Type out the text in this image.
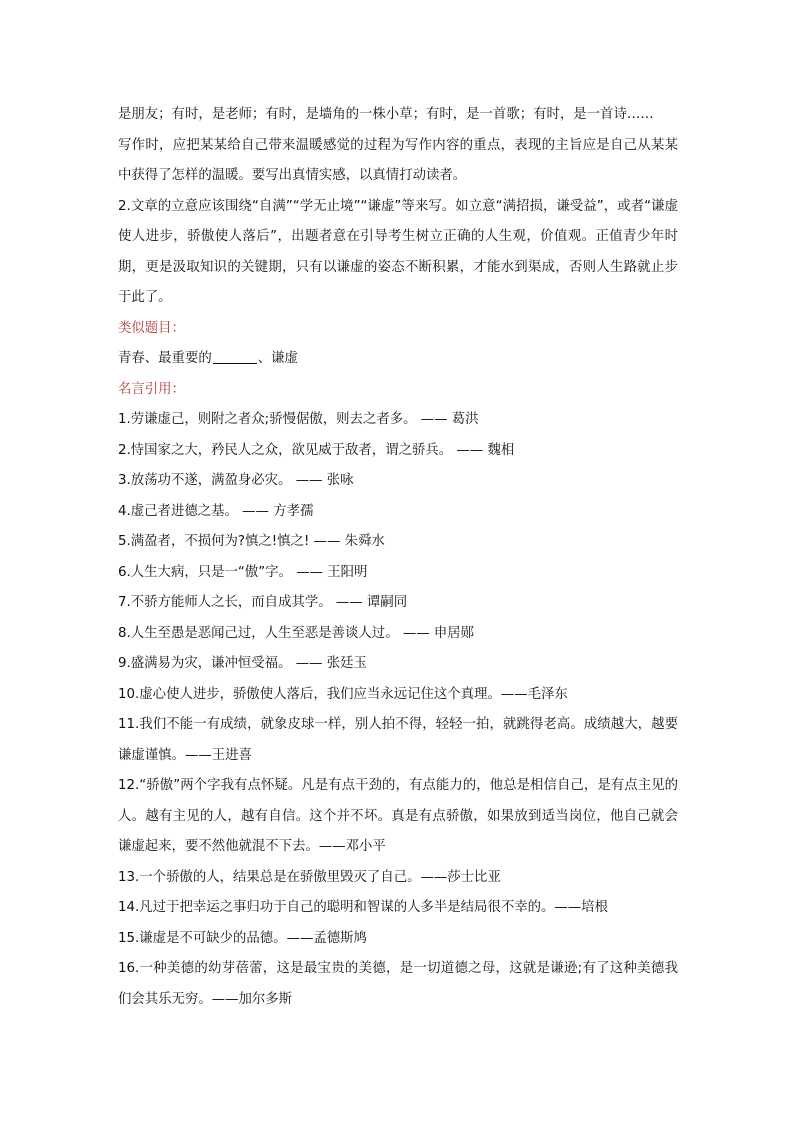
是朋友；有时，是老师；有时，是墙角的一株小草；有时，是一首歌；有时，是一首诗……

写作时，应把某某给自己带来温暖感觉的过程为写作内容的重点，表现的主旨应是自己从某某中获得了怎样的温暖。要写出真情实感，以真情打动读者。

2.文章的立意应该围绕“自满”“学无止境”“谦虚”等来写。如立意“满招损，谦受益”，或者“谦虚使人进步，骄傲使人落后”，出题者意在引导考生树立正确的人生观，价值观。正值青少年时期，更是汲取知识的关键期，只有以谦虚的姿态不断积累，才能水到渠成，否则人生路就止步于此了。

类似题目：

青春、最重要的	、谦虚

名言引用：

1.劳谦虚己，则附之者众;骄慢倨傲，则去之者多。 —— 葛洪

2.恃国家之大，矜民人之众，欲见威于敌者，谓之骄兵。 —— 魏相

3.放荡功不遂，满盈身必灾。 —— 张咏

4.虚己者进德之基。 —— 方孝孺

5.满盈者，不损何为?慎之!慎之! —— 朱舜水

6.人生大病，只是一“傲”字。 —— 王阳明

7.不骄方能师人之长，而自成其学。 —— 谭嗣同

8.人生至愚是恶闻己过，人生至恶是善谈人过。 —— 申居郧

9.盛满易为灾，谦冲恒受福。 —— 张廷玉

10.虚心使人进步，骄傲使人落后，我们应当永远记住这个真理。——毛泽东

11.我们不能一有成绩，就象皮球一样，别人拍不得，轻轻一拍，就跳得老高。成绩越大，越要谦虚谨慎。——王进喜

12.“骄傲”两个字我有点怀疑。凡是有点干劲的，有点能力的，他总是相信自己，是有点主见的人。越有主见的人，越有自信。这个并不坏。真是有点骄傲，如果放到适当岗位，他自己就会谦虚起来，要不然他就混不下去。——邓小平

13.一个骄傲的人，结果总是在骄傲里毁灭了自己。——莎士比亚

14.凡过于把幸运之事归功于自己的聪明和智谋的人多半是结局很不幸的。——培根

15.谦虚是不可缺少的品德。——孟德斯鸠

16.一种美德的幼芽蓓蕾，这是最宝贵的美德，是一切道德之母，这就是谦逊;有了这种美德我们会其乐无穷。——加尔多斯
